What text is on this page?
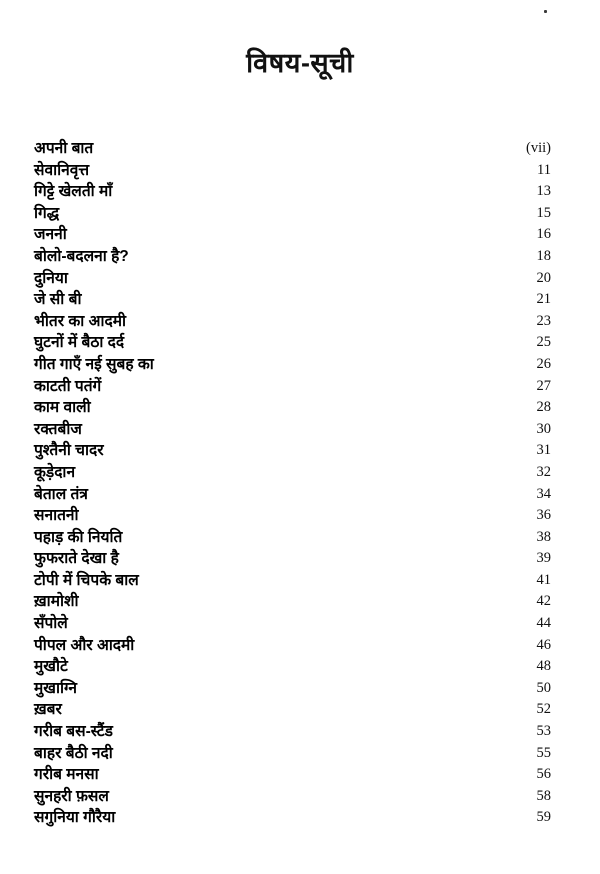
विषय-सूची
अपनी बात	(vii)
सेवानिवृत्त	11
गिट्टे खेलती माँ	13
गिद्ध	15
जननी	16
बोलो-बदलना है?	18
दुनिया	20
जे सी बी	21
भीतर का आदमी	23
घुटनों में बैठा दर्द	25
गीत गाएँ नई सुबह का	26
काटती पतंगें	27
काम वाली	28
रक्तबीज	30
पुश्तैनी चादर	31
कूड़ेदान	32
बेताल तंत्र	34
सनातनी	36
पहाड़ की नियति	38
फुफराते देखा है	39
टोपी में चिपके बाल	41
ख़ामोशी	42
सँपोले	44
पीपल और आदमी	46
मुखौटे	48
मुखाग्नि	50
ख़बर	52
गरीब बस-स्टैंड	53
बाहर बैठी नदी	55
गरीब मनसा	56
सुनहरी फ़सल	58
सगुनिया गौरैया	59
